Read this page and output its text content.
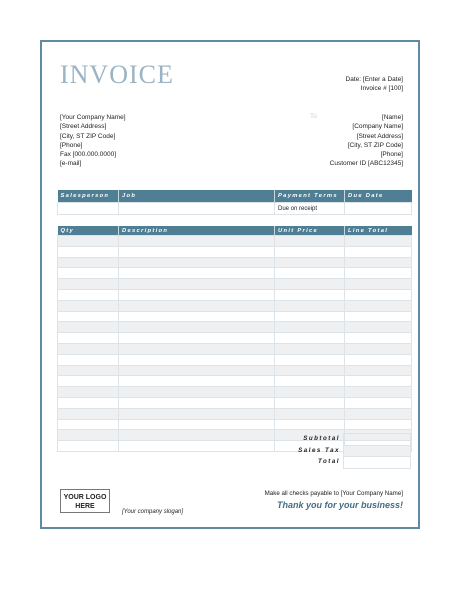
INVOICE	Date: [Enter a Date]
Invoice # [100]
[Your Company Name]
[Street Address]
[City, ST ZIP Code]
[Phone]
Fax [000.000.0000]
[e-mail]
To	[Name]
[Company Name]
[Street Address]
[City, ST ZIP Code]
[Phone]
Customer ID [ABC12345]
Salesperson	Job	Payment Terms	Due Date
		Due on receipt	
Qty	Description	Unit Price	Line Total

Subtotal
Sales Tax
Total
YOUR LOGO HERE
[Your company slogan]
Make all checks payable to [Your Company Name]
Thank you for your business!
